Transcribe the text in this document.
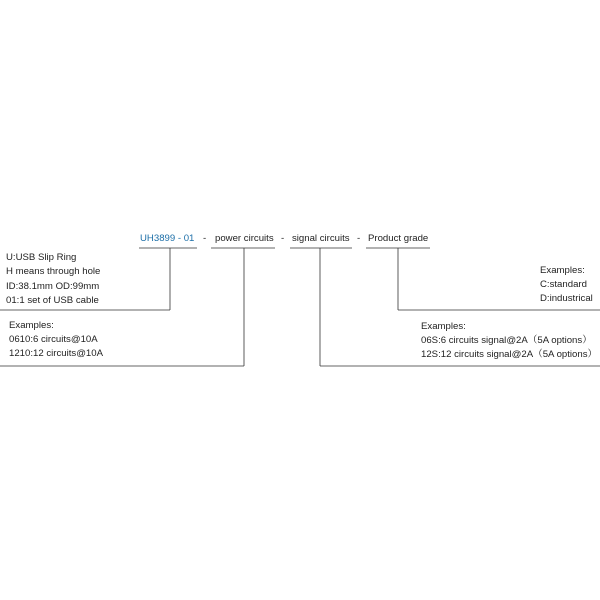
UH3899 - 01 - power circuits - signal circuits - Product grade
U:USB Slip Ring
H means through hole
ID:38.1mm OD:99mm
01:1 set of USB cable
Examples:
0610:6 circuits@10A
1210:12 circuits@10A
Examples:
C:standard
D:industrical
Examples:
06S:6 circuits signal@2A（5A options）
12S:12 circuits signal@2A（5A options）
